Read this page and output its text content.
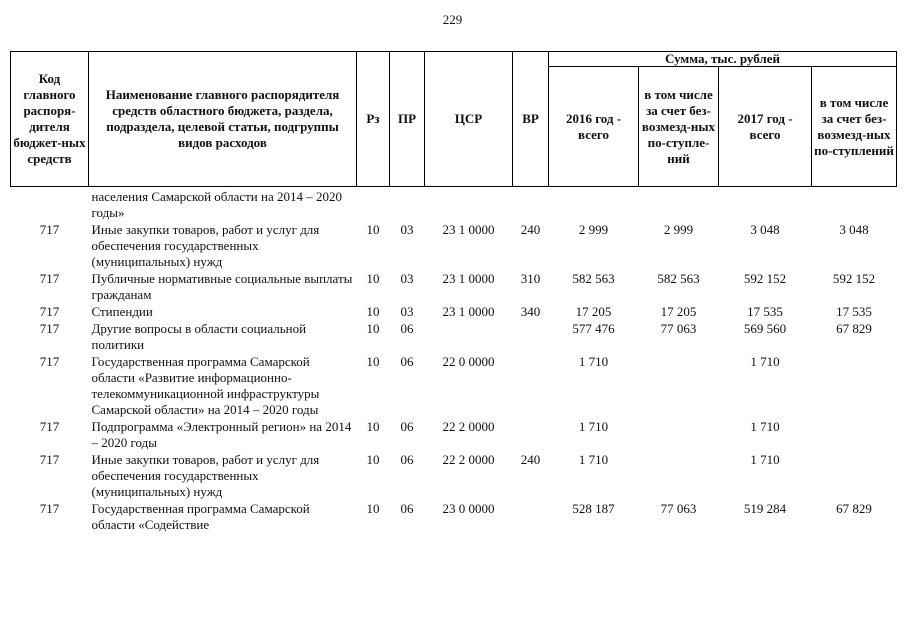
229
Код главного распоря-дителя бюджет-ных средств	Наименование главного распорядителя средств областного бюджета, раздела, подраздела, целевой статьи, подгруппы видов расходов	Рз	ПР	ЦСР	ВР	Сумма, тыс. рублей			
						2016 год - всего	в том числе за счет без-возмезд-ных по-ступле-ний	2017 год - всего	в том числе за счет без-возмезд-ных по-ступлений
	населения Самарской области на 2014 – 2020 годы»								
717	Иные закупки товаров, работ и услуг для обеспечения государственных (муниципальных) нужд	10	03	23 1 0000	240	2 999	2 999	3 048	3 048
717	Публичные нормативные социальные выплаты гражданам	10	03	23 1 0000	310	582 563	582 563	592 152	592 152
717	Стипендии	10	03	23 1 0000	340	17 205	17 205	17 535	17 535
717	Другие вопросы в области социальной политики	10	06			577 476	77 063	569 560	67 829
717	Государственная программа Самарской области «Развитие информационно-телекоммуникационной инфраструктуры Самарской области» на 2014 – 2020 годы	10	06	22 0 0000		1 710		1 710	
717	Подпрограмма «Электронный регион» на 2014 – 2020 годы	10	06	22 2 0000		1 710		1 710	
717	Иные закупки товаров, работ и услуг для обеспечения государственных (муниципальных) нужд	10	06	22 2 0000	240	1 710		1 710	
717	Государственная программа Самарской области «Содействие	10	06	23 0 0000		528 187	77 063	519 284	67 829
